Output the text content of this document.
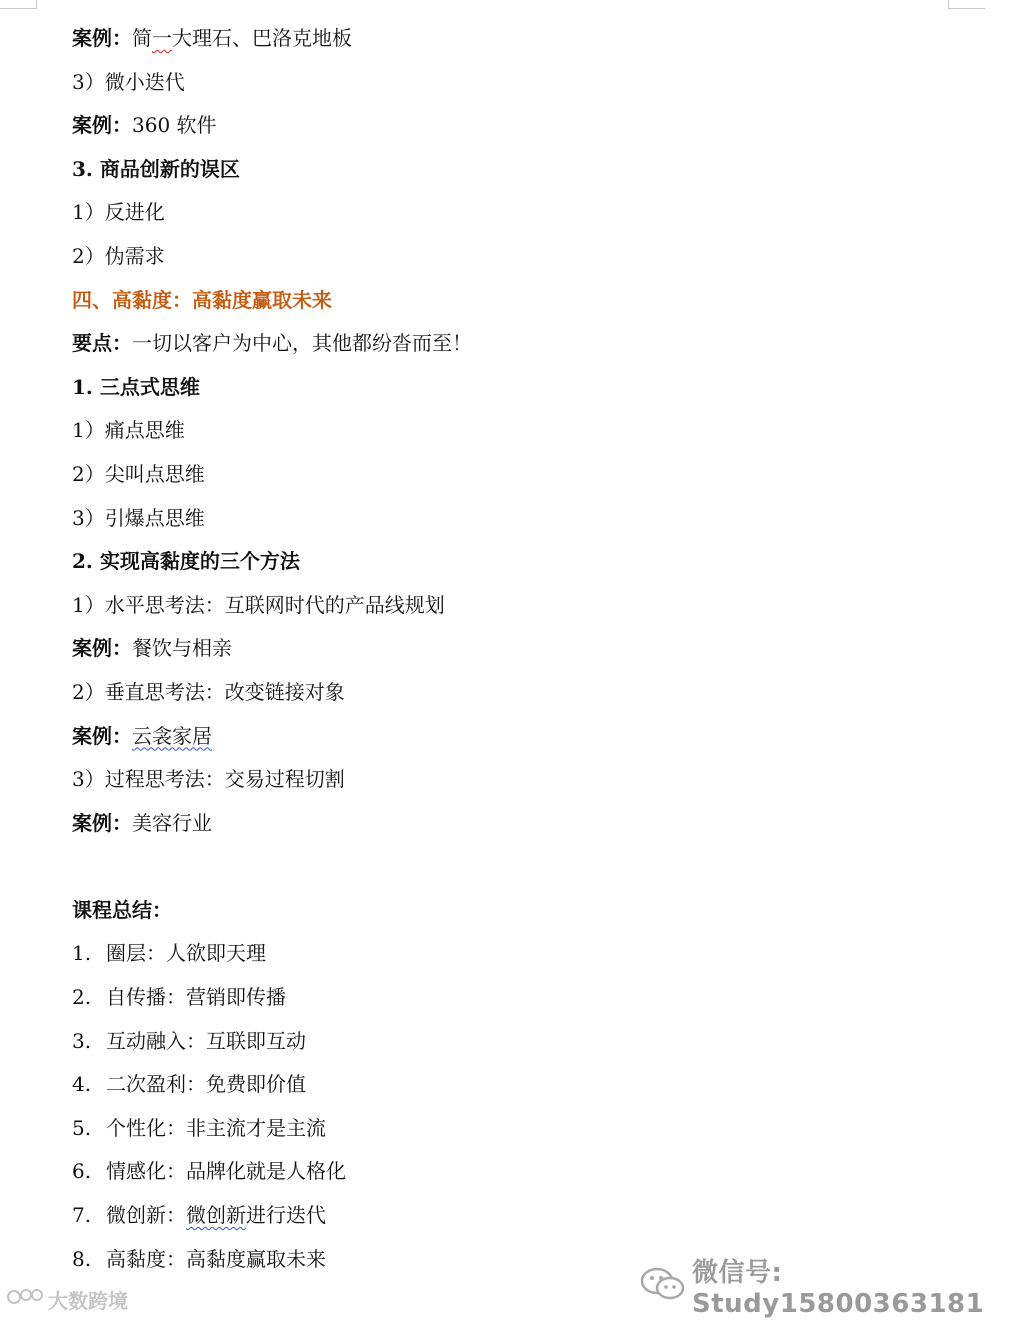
案例：简一大理石、巴洛克地板
3）微小迭代
案例：360 软件
3. 商品创新的误区
1）反进化
2）伪需求
四、高黏度：高黏度赢取未来
要点：一切以客户为中心，其他都纷沓而至！
1. 三点式思维
1）痛点思维
2）尖叫点思维
3）引爆点思维
2. 实现高黏度的三个方法
1）水平思考法：互联网时代的产品线规划
案例：餐饮与相亲
2）垂直思考法：改变链接对象
案例：云衾家居
3）过程思考法：交易过程切割
案例：美容行业
课程总结：
1. 圈层：人欲即天理
2. 自传播：营销即传播
3. 互动融入：互联即互动
4. 二次盈利：免费即价值
5. 个性化：非主流才是主流
6. 情感化：品牌化就是人格化
7. 微创新：微创新进行迭代
8. 高黏度：高黏度赢取未来	微信号: Study15800363181
大数跨境
